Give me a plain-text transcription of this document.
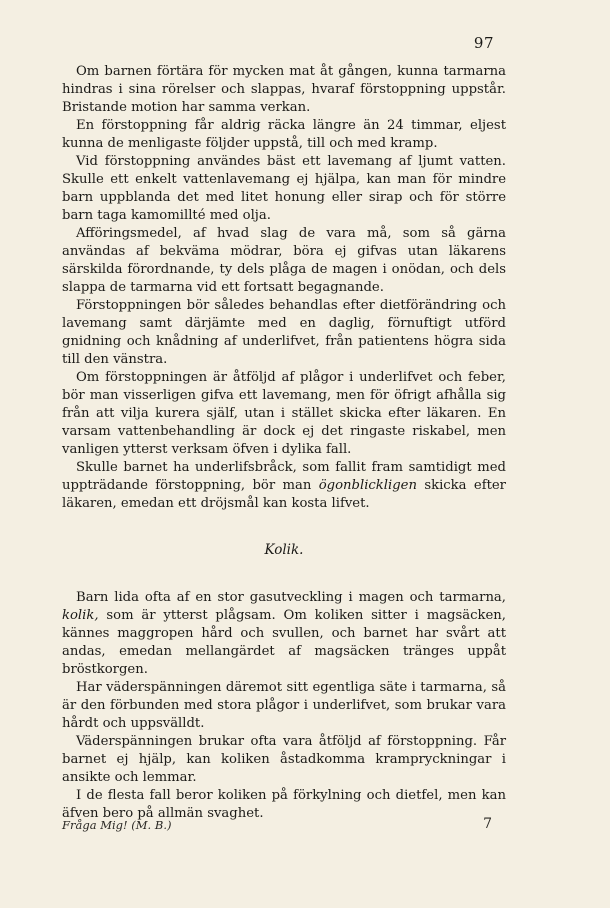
97

Om barnen förtära för mycken mat åt gången, kunna tarmarna hindras i sina rörelser och slappas, hvaraf förstoppning uppstår. Bristande motion har samma verkan.

En förstoppning får aldrig räcka längre än 24 timmar, eljest kunna de menligaste följder uppstå, till och med kramp.

Vid förstoppning användes bäst ett lavemang af ljumt vatten. Skulle ett enkelt vattenlavemang ej hjälpa, kan man för mindre barn uppblanda det med litet honung eller sirap och för större barn taga kamomillté med olja.

Afföringsmedel, af hvad slag de vara må, som så gärna användas af bekväma mödrar, böra ej gifvas utan läkarens särskilda förordnande, ty dels plåga de magen i onödan, och dels slappa de tarmarna vid ett fortsatt begagnande.

Förstoppningen bör således behandlas efter dietförändring och lavemang samt därjämte med en daglig, förnuftigt utförd gnidning och knådning af underlifvet, från patientens högra sida till den vänstra.

Om förstoppningen är åtföljd af plågor i underlifvet och feber, bör man visserligen gifva ett lavemang, men för öfrigt afhålla sig från att vilja kurera själf, utan i stället skicka efter läkaren. En varsam vattenbehandling är dock ej det ringaste riskabel, men vanligen ytterst verksam öfven i dylika fall.

Skulle barnet ha underlifsbråck, som fallit fram samtidigt med uppträdande förstoppning, bör man ögonblickligen skicka efter läkaren, emedan ett dröjsmål kan kosta lifvet.

Kolik.

Barn lida ofta af en stor gasutveckling i magen och tarmarna, kolik, som är ytterst plågsam. Om koliken sitter i magsäcken, kännes maggropen hård och svullen, och barnet har svårt att andas, emedan mellangärdet af magsäcken tränges uppåt bröstkorgen.

Har väderspänningen däremot sitt egentliga säte i tarmarna, så är den förbunden med stora plågor i underlifvet, som brukar vara hårdt och uppsvälldt.

Väderspänningen brukar ofta vara åtföljd af förstoppning. Får barnet ej hjälp, kan koliken åstadkomma krampryckningar i ansikte och lemmar.

I de flesta fall beror koliken på förkylning och dietfel, men kan äfven bero på allmän svaghet.

Fråga Mig! (M. B.)	7
